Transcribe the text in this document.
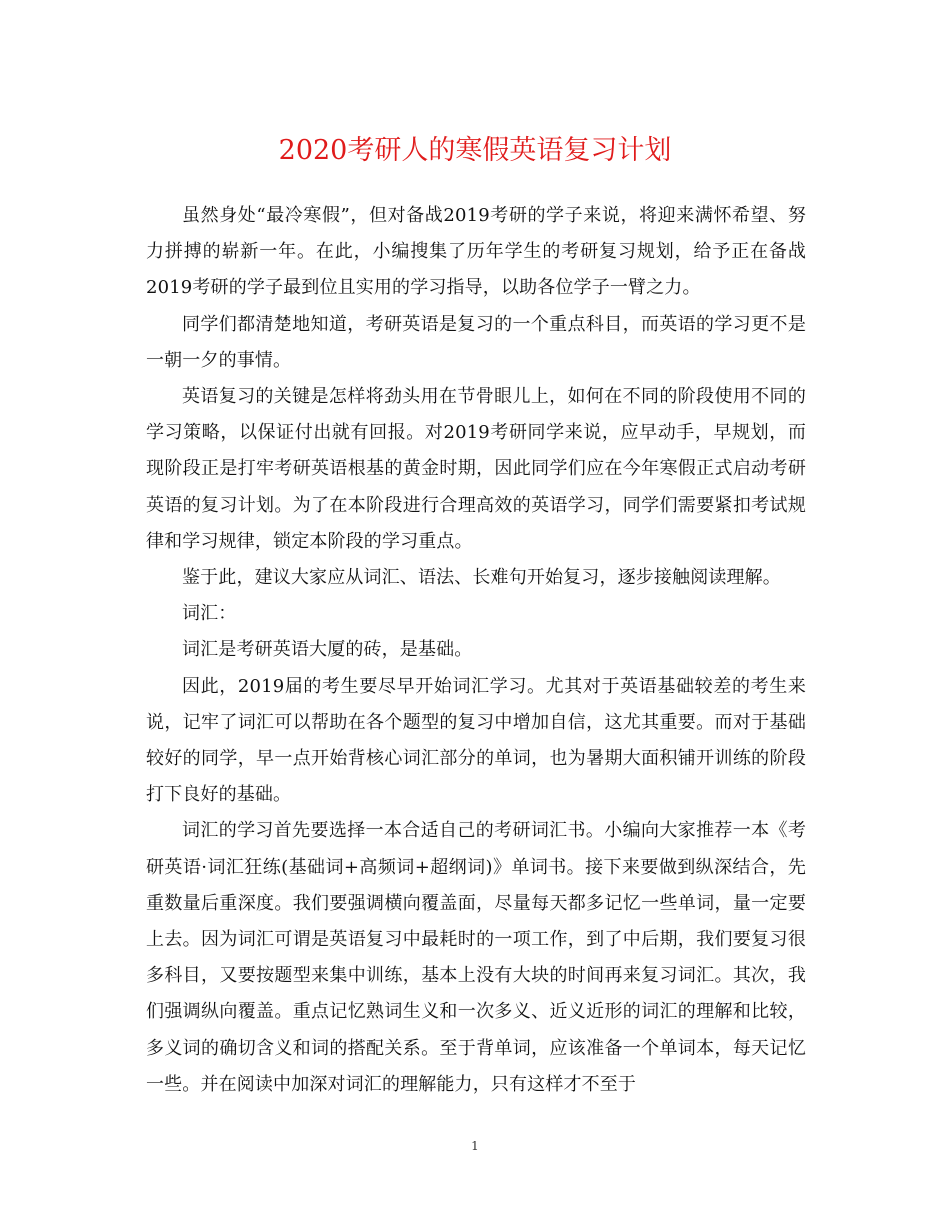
2020考研人的寒假英语复习计划

虽然身处“最冷寒假”，但对备战2019考研的学子来说，将迎来满怀希望、努力拼搏的崭新一年。在此，小编搜集了历年学生的考研复习规划，给予正在备战2019考研的学子最到位且实用的学习指导，以助各位学子一臂之力。

同学们都清楚地知道，考研英语是复习的一个重点科目，而英语的学习更不是一朝一夕的事情。

英语复习的关键是怎样将劲头用在节骨眼儿上，如何在不同的阶段使用不同的学习策略，以保证付出就有回报。对2019考研同学来说，应早动手，早规划，而现阶段正是打牢考研英语根基的黄金时期，因此同学们应在今年寒假正式启动考研英语的复习计划。为了在本阶段进行合理高效的英语学习，同学们需要紧扣考试规律和学习规律，锁定本阶段的学习重点。

鉴于此，建议大家应从词汇、语法、长难句开始复习，逐步接触阅读理解。

词汇：

词汇是考研英语大厦的砖，是基础。

因此，2019届的考生要尽早开始词汇学习。尤其对于英语基础较差的考生来说，记牢了词汇可以帮助在各个题型的复习中增加自信，这尤其重要。而对于基础较好的同学，早一点开始背核心词汇部分的单词，也为暑期大面积铺开训练的阶段打下良好的基础。

词汇的学习首先要选择一本合适自己的考研词汇书。小编向大家推荐一本《考研英语·词汇狂练(基础词+高频词+超纲词)》单词书。接下来要做到纵深结合，先重数量后重深度。我们要强调横向覆盖面，尽量每天都多记忆一些单词，量一定要上去。因为词汇可谓是英语复习中最耗时的一项工作，到了中后期，我们要复习很多科目，又要按题型来集中训练，基本上没有大块的时间再来复习词汇。其次，我们强调纵向覆盖。重点记忆熟词生义和一次多义、近义近形的词汇的理解和比较，多义词的确切含义和词的搭配关系。至于背单词，应该准备一个单词本，每天记忆一些。并在阅读中加深对词汇的理解能力，只有这样才不至于

1
